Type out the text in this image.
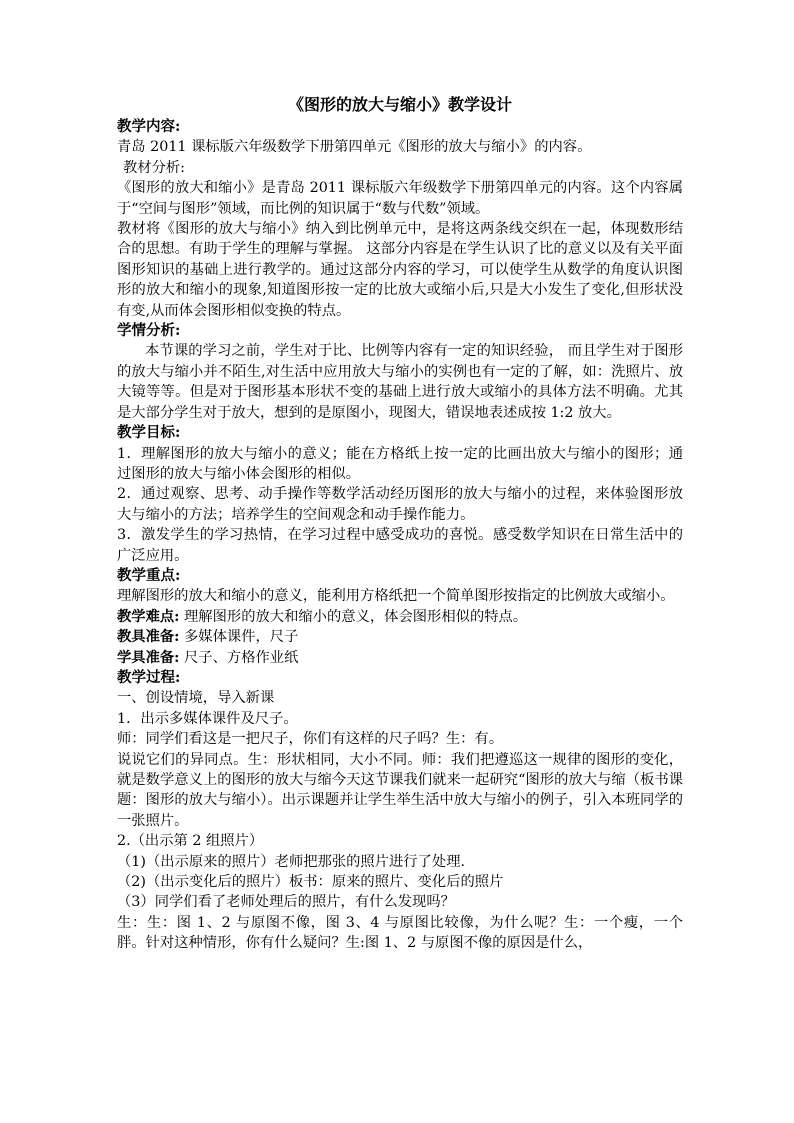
《图形的放大与缩小》教学设计

教学内容:

青岛 2011 课标版六年级数学下册第四单元《图形的放大与缩小》的内容。

教材分析:

《图形的放大和缩小》是青岛 2011 课标版六年级数学下册第四单元的内容。这个内容属于“空间与图形”领域，而比例的知识属于“数与代数”领域。

教材将《图形的放大与缩小》纳入到比例单元中，是将这两条线交织在一起，体现数形结合的思想。有助于学生的理解与掌握。 这部分内容是在学生认识了比的意义以及有关平面图形知识的基础上进行教学的。通过这部分内容的学习，可以使学生从数学的角度认识图形的放大和缩小的现象,知道图形按一定的比放大或缩小后,只是大小发生了变化,但形状没有变,从而体会图形相似变换的特点。

学情分析:

本节课的学习之前，学生对于比、比例等内容有一定的知识经验， 而且学生对于图形的放大与缩小并不陌生,对生活中应用放大与缩小的实例也有一定的了解，如：洗照片、放大镜等等。但是对于图形基本形状不变的基础上进行放大或缩小的具体方法不明确。尤其是大部分学生对于放大，想到的是原图小，现图大，错误地表述成按 1:2 放大。

教学目标:

1．理解图形的放大与缩小的意义；能在方格纸上按一定的比画出放大与缩小的图形；通过图形的放大与缩小体会图形的相似。

2．通过观察、思考、动手操作等数学活动经历图形的放大与缩小的过程，来体验图形放大与缩小的方法；培养学生的空间观念和动手操作能力。

3．激发学生的学习热情，在学习过程中感受成功的喜悦。感受数学知识在日常生活中的广泛应用。

教学重点:

理解图形的放大和缩小的意义，能利用方格纸把一个简单图形按指定的比例放大或缩小。

教学难点: 理解图形的放大和缩小的意义，体会图形相似的特点。

教具准备: 多媒体课件，尺子

学具准备: 尺子、方格作业纸

教学过程:

一、创设情境，导入新课

1．出示多媒体课件及尺子。

师：同学们看这是一把尺子，你们有这样的尺子吗？生：有。

说说它们的异同点。生：形状相同，大小不同。师：我们把遵巡这一规律的图形的变化，就是数学意义上的图形的放大与缩今天这节课我们就来一起研究“图形的放大与缩（板书课题：图形的放大与缩小）。出示课题并让学生举生活中放大与缩小的例子，引入本班同学的一张照片。

2.（出示第 2 组照片）

（1)（出示原来的照片）老师把那张的照片进行了处理.

（2)（出示变化后的照片）板书：原来的照片、变化后的照片

（3）同学们看了老师处理后的照片，有什么发现吗？

生：生：图 1、2 与原图不像，图 3、4 与原图比较像，为什么呢？生：一个瘦，一个胖。针对这种情形，你有什么疑问？生:图 1、2 与原图不像的原因是什么，
